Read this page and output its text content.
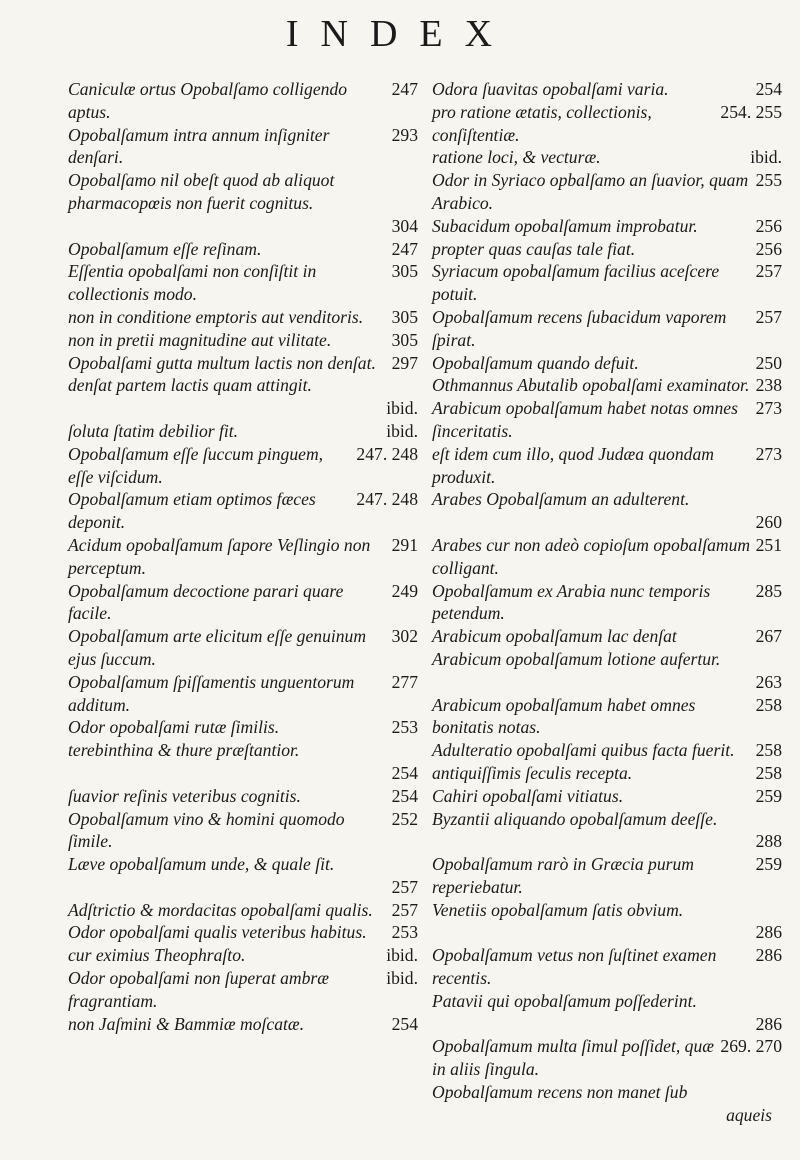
INDEX
247
Caniculæ ortus Opobalſamo colligendo aptus.
293
Opobalſamum intra annum inſigniter denſari.
Opobalſamo nil obeſt quod ab aliquot pharmacopœis non fuerit cognitus.
304
247
Opobalſamum eſſe reſinam.
305
Eſſentia opobalſami non conſiſtit in collectionis modo.
305
non in conditione emptoris aut venditoris.
305
non in pretii magnitudine aut vilitate.
297
Opobalſami gutta multum lactis non denſat.
denſat partem lactis quam attingit.
ibid.
ibid.
ſoluta ſtatim debilior fit.
247. 248
Opobalſamum eſſe ſuccum pinguem, eſſe viſcidum.
247. 248
Opobalſamum etiam optimos fæces deponit.
291
Acidum opobalſamum ſapore Veſlingio non perceptum.
249
Opobalſamum decoctione parari quare facile.
302
Opobalſamum arte elicitum eſſe genuinum ejus ſuccum.
277
Opobalſamum ſpiſſamentis unguentorum additum.
253
Odor opobalſami rutæ ſimilis.
terebinthina & thure præſtantior.
254
254
ſuavior reſinis veteribus cognitis.
252
Opobalſamum vino & homini quomodo ſimile.
Læve opobalſamum unde, & quale ſit.
257
257
Adſtrictio & mordacitas opobalſami qualis.
253
Odor opobalſami qualis veteribus habitus.
ibid.
cur eximius Theophraſto.
ibid.
Odor opobalſami non ſuperat ambræ fragrantiam.
254
non Jaſmini & Bammiæ moſcatæ.
254
Odora ſuavitas opobalſami varia.
254. 255
pro ratione ætatis, collectionis, conſiſtentiæ.
ibid.
ratione loci, & vecturæ.
255
Odor in Syriaco opbalſamo an ſuavior, quam Arabico.
256
Subacidum opobalſamum improbatur.
256
propter quas cauſas tale fiat.
257
Syriacum opobalſamum facilius aceſcere potuit.
257
Opobalſamum recens ſubacidum vaporem ſpirat.
250
Opobalſamum quando defuit.
238
Othmannus Abutalib opobalſami examinator.
273
Arabicum opobalſamum habet notas omnes ſinceritatis.
273
eſt idem cum illo, quod Judæa quondam produxit.
Arabes Opobalſamum an adulterent.
260
251
Arabes cur non adeò copioſum opobalſamum colligant.
285
Opobalſamum ex Arabia nunc temporis petendum.
267
Arabicum opobalſamum lac denſat
Arabicum opobalſamum lotione aufertur.
263
258
Arabicum opobalſamum habet omnes bonitatis notas.
258
Adulteratio opobalſami quibus facta fuerit.
258
antiquiſſimis ſeculis recepta.
259
Cahiri opobalſami vitiatus.
Byzantii aliquando opobalſamum deeſſe.
288
259
Opobalſamum rarò in Græcia purum reperiebatur.
Venetiis opobalſamum ſatis obvium.
286
286
Opobalſamum vetus non ſuſtinet examen recentis.
Patavii qui opobalſamum poſſederint.
286
269. 270
Opobalſamum multa ſimul poſſidet, quæ in aliis ſingula.
Opobalſamum recens non manet ſub
aqueis
